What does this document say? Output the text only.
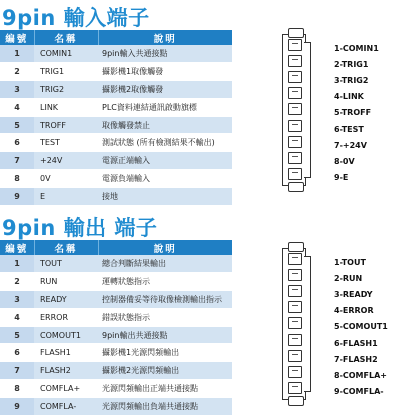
9pin 輸入端子
編號	名稱	說明
1	COMIN1	9pin輸入共通接點
2	TRIG1	攝影機1取像觸發
3	TRIG2	攝影機2取像觸發
4	LINK	PLC資料連結通訊啟動旗標
5	TROFF	取像觸發禁止
6	TEST	測試狀態 (所有檢測結果不輸出)
7	+24V	電源正端輸入
8	0V	電源負端輸入
9	E	接地
1-COMIN1
2-TRIG1
3-TRIG2
4-LINK
5-TROFF
6-TEST
7-+24V
8-0V
9-E
9pin 輸出 端子
編號	名稱	說明
1	TOUT	總合判斷結果輸出
2	RUN	運轉狀態指示
3	READY	控制器備妥等待取像檢測輸出指示
4	ERROR	錯誤狀態指示
5	COMOUT1	9pin輸出共通接點
6	FLASH1	攝影機1光源閃頻輸出
7	FLASH2	攝影機2光源閃頻輸出
8	COMFLA+	光源閃頻輸出正端共通接點
9	COMFLA-	光源閃頻輸出負端共通接點
1-TOUT
2-RUN
3-READY
4-ERROR
5-COMOUT1
6-FLASH1
7-FLASH2
8-COMFLA+
9-COMFLA-
